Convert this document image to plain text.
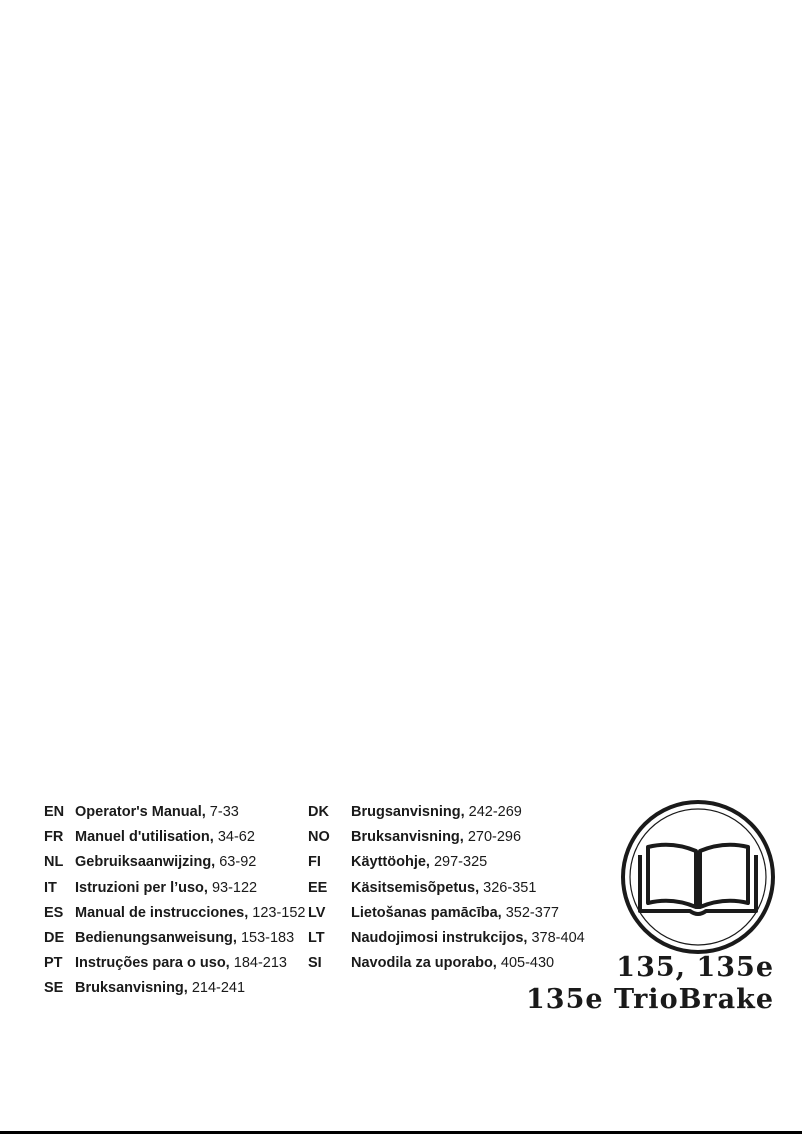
EN Operator's Manual, 7-33
FR Manuel d'utilisation, 34-62
NL Gebruiksaanwijzing, 63-92
IT Istruzioni per l’uso, 93-122
ES Manual de instrucciones, 123-152
DE Bedienungsanweisung, 153-183
PT Instruções para o uso, 184-213
SE Bruksanvisning, 214-241
DK Brugsanvisning, 242-269
NO Bruksanvisning, 270-296
FI Käyttöohje, 297-325
EE Käsitsemisõpetus, 326-351
LV Lietošanas pamācība, 352-377
LT Naudojimosi instrukcijos, 378-404
SI Navodila za uporabo, 405-430	135, 135e
135e TrioBrake
